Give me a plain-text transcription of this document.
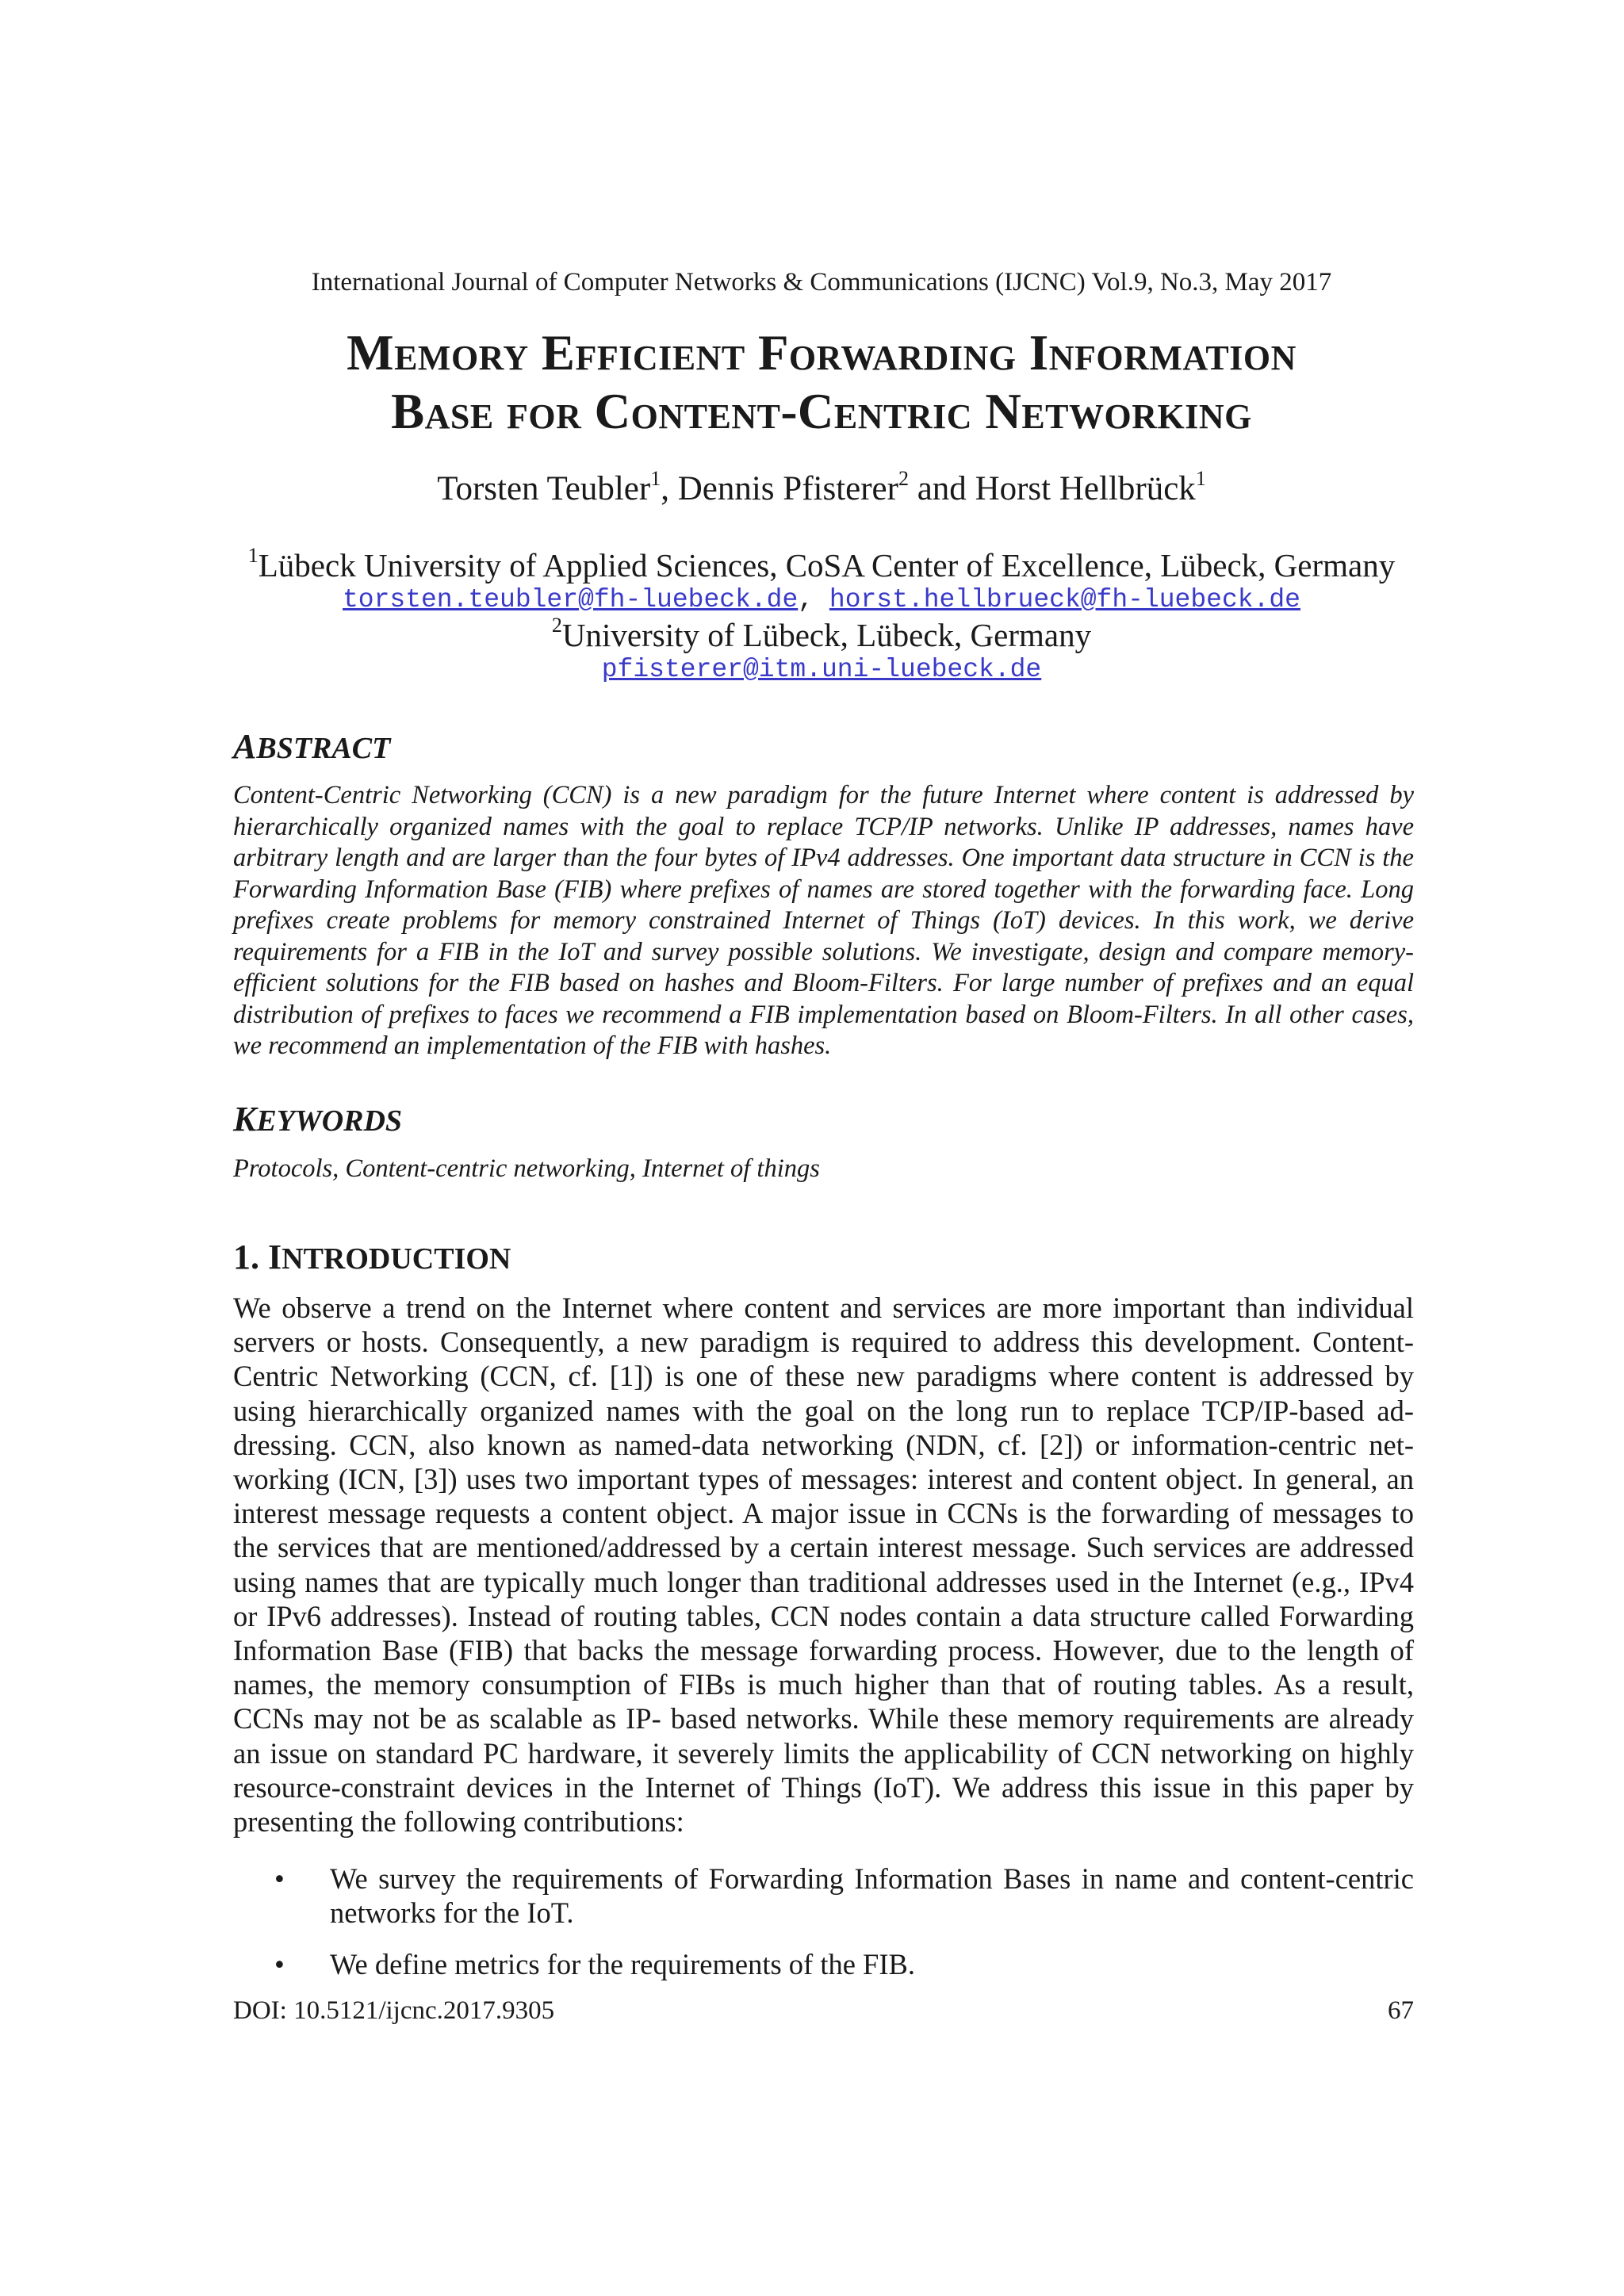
International Journal of Computer Networks & Communications (IJCNC) Vol.9, No.3, May 2017
Memory Efficient Forwarding Information
Base for Content-Centric Networking
Torsten Teubler$^1$, Dennis Pfisterer$^2$ and Horst Hellbrück$^1$
$^1$Lübeck University of Applied Sciences, CoSA Center of Excellence, Lübeck, Germany
torsten.teubler@fh-luebeck.de, horst.hellbrueck@fh-luebeck.de
$^2$University of Lübeck, Lübeck, Germany
pfisterer@itm.uni-luebeck.de
ABSTRACT
Content-Centric Networking (CCN) is a new paradigm for the future Internet where content is addressed by hierarchically organized names with the goal to replace TCP/IP networks. Unlike IP addresses, names have arbitrary length and are larger than the four bytes of IPv4 addresses. One important data structure in CCN is the Forwarding Information Base (FIB) where prefixes of names are stored together with the forwarding face. Long prefixes create problems for memory constrained Internet of Things (IoT) devices. In this work, we derive requirements for a FIB in the IoT and survey possible solutions. We investigate, design and compare memory-efficient solutions for the FIB based on hashes and Bloom-Filters. For large number of prefixes and an equal distribution of prefixes to faces we recommend a FIB implementation based on Bloom-Filters. In all other cases, we recommend an implementation of the FIB with hashes.
KEYWORDS
Protocols, Content-centric networking, Internet of things
1. INTRODUCTION
We observe a trend on the Internet where content and services are more important than individual servers or hosts. Consequently, a new paradigm is required to address this development. Content-Centric Networking (CCN, cf. [1]) is one of these new paradigms where content is addressed by using hierarchically organized names with the goal on the long run to replace TCP/IP-based addressing. CCN, also known as named-data networking (NDN, cf. [2]) or information-centric networking (ICN, [3]) uses two important types of messages: interest and content object. In general, an interest message requests a content object. A major issue in CCNs is the forwarding of messages to the services that are mentioned/addressed by a certain interest message. Such services are addressed using names that are typically much longer than traditional addresses used in the Internet (e.g., IPv4 or IPv6 addresses). Instead of routing tables, CCN nodes contain a data structure called Forwarding Information Base (FIB) that backs the message forwarding process. However, due to the length of names, the memory consumption of FIBs is much higher than that of routing tables. As a result, CCNs may not be as scalable as IP- based networks. While these memory requirements are already an issue on standard PC hardware, it severely limits the applicability of CCN networking on highly resource-constraint devices in the Internet of Things (IoT). We address this issue in this paper by presenting the following contributions:
• We survey the requirements of Forwarding Information Bases in name and content-centric networks for the IoT.
• We define metrics for the requirements of the FIB.
DOI: 10.5121/ijcnc.2017.9305	67
